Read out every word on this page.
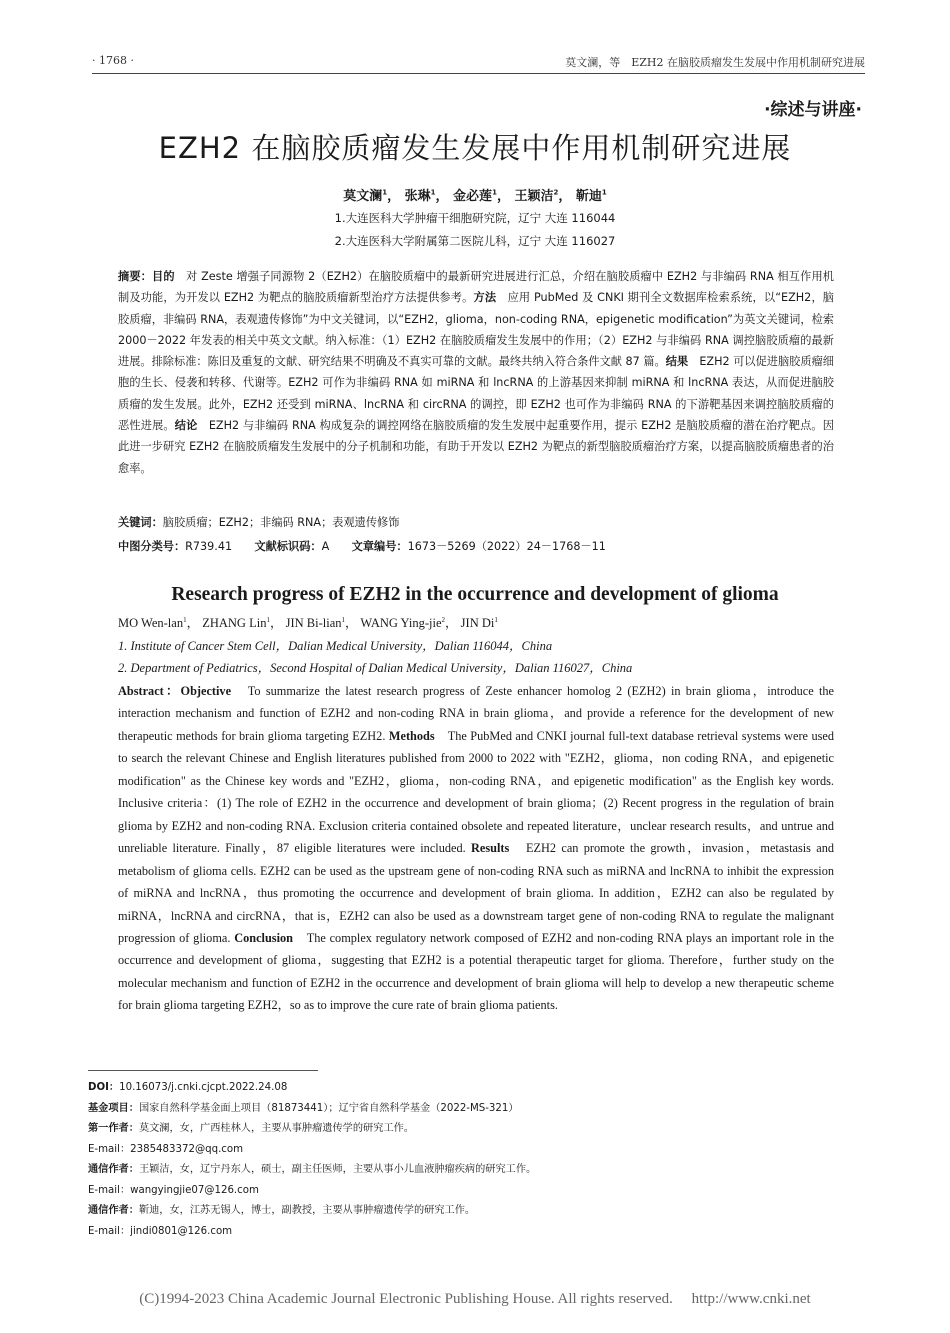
· 1768 ·	莫文澜，等　EZH2 在脑胶质瘤发生发展中作用机制研究进展
·综述与讲座·
EZH2 在脑胶质瘤发生发展中作用机制研究进展
莫文澜$^1$， 张琳$^1$， 金必莲$^1$， 王颖洁$^2$， 靳迪$^1$
1.大连医科大学肿瘤干细胞研究院，辽宁 大连 116044
2.大连医科大学附属第二医院儿科，辽宁 大连 116027
摘要：目的　 对 Zeste 增强子同源物 2（EZH2）在脑胶质瘤中的最新研究进展进行汇总，介绍在脑胶质瘤中 EZH2 与非编码 RNA 相互作用机制及功能，为开发以 EZH2 为靶点的脑胶质瘤新型治疗方法提供参考。方法　 应用 PubMed 及 CNKI 期刊全文数据库检索系统，以“EZH2，脑胶质瘤，非编码 RNA，表观遗传修饰”为中文关键词，以“EZH2，glioma，non-coding RNA，epigenetic modification”为英文关键词，检索 2000－2022 年发表的相关中英文文献。纳入标准：（1）EZH2 在脑胶质瘤发生发展中的作用；（2）EZH2 与非编码 RNA 调控脑胶质瘤的最新进展。排除标准：陈旧及重复的文献、研究结果不明确及不真实可靠的文献。最终共纳入符合条件文献 87 篇。结果　 EZH2 可以促进脑胶质瘤细胞的生长、侵袭和转移、代谢等。EZH2 可作为非编码 RNA 如 miRNA 和 lncRNA 的上游基因来抑制 miRNA 和 lncRNA 表达，从而促进脑胶质瘤的发生发展。此外，EZH2 还受到 miRNA、lncRNA 和 circRNA 的调控，即 EZH2 也可作为非编码 RNA 的下游靶基因来调控脑胶质瘤的恶性进展。结论　 EZH2 与非编码 RNA 构成复杂的调控网络在脑胶质瘤的发生发展中起重要作用，提示 EZH2 是脑胶质瘤的潜在治疗靶点。因此进一步研究 EZH2 在脑胶质瘤发生发展中的分子机制和功能，有助于开发以 EZH2 为靶点的新型脑胶质瘤治疗方案，以提高脑胶质瘤患者的治愈率。
关键词：脑胶质瘤；EZH2；非编码 RNA；表观遗传修饰
中图分类号：R739.41　　 文献标识码：A　　 文章编号：1673－5269（2022）24－1768－11
Research progress of EZH2 in the occurrence and development of glioma
MO Wen-lan$^1$， ZHANG Lin$^1$， JIN Bi-lian$^1$， WANG Ying-jie$^2$， JIN Di$^1$
1. Institute of Cancer Stem Cell，Dalian Medical University，Dalian 116044，China
2. Department of Pediatrics，Second Hospital of Dalian Medical University，Dalian 116027，China
Abstract：Objective　 To summarize the latest research progress of Zeste enhancer homolog 2 (EZH2) in brain glioma，introduce the interaction mechanism and function of EZH2 and non-coding RNA in brain glioma，and provide a reference for the development of new therapeutic methods for brain glioma targeting EZH2. Methods　 The PubMed and CNKI journal full-text database retrieval systems were used to search the relevant Chinese and English literatures published from 2000 to 2022 with "EZH2，glioma，non coding RNA，and epigenetic modification" as the Chinese key words and "EZH2，glioma，non-coding RNA，and epigenetic modification" as the English key words. Inclusive criteria：(1) The role of EZH2 in the occurrence and development of brain glioma；(2) Recent progress in the regulation of brain glioma by EZH2 and non-coding RNA. Exclusion criteria contained obsolete and repeated literature，unclear research results，and untrue and unreliable literature. Finally，87 eligible literatures were included. Results　 EZH2 can promote the growth，invasion，metastasis and metabolism of glioma cells. EZH2 can be used as the upstream gene of non-coding RNA such as miRNA and lncRNA to inhibit the expression of miRNA and lncRNA，thus promoting the occurrence and development of brain glioma. In addition，EZH2 can also be regulated by miRNA，lncRNA and circRNA，that is，EZH2 can also be used as a downstream target gene of non-coding RNA to regulate the malignant progression of glioma. Conclusion　 The complex regulatory network composed of EZH2 and non-coding RNA plays an important role in the occurrence and development of glioma，suggesting that EZH2 is a potential therapeutic target for glioma. Therefore，further study on the molecular mechanism and function of EZH2 in the occurrence and development of brain glioma will help to develop a new therapeutic scheme for brain glioma targeting EZH2，so as to improve the cure rate of brain glioma patients.
DOI：10.16073/j.cnki.cjcpt.2022.24.08
基金项目：国家自然科学基金面上项目（81873441）；辽宁省自然科学基金（2022-MS-321）
第一作者：莫文澜，女，广西桂林人，主要从事肿瘤遗传学的研究工作。
E-mail：2385483372@qq.com
通信作者：王颖洁，女，辽宁丹东人，硕士，副主任医师，主要从事小儿血液肿瘤疾病的研究工作。
E-mail：wangyingjie07@126.com
通信作者：靳迪，女，江苏无锡人，博士，副教授，主要从事肿瘤遗传学的研究工作。
E-mail：jindi0801@126.com
(C)1994-2023 China Academic Journal Electronic Publishing House. All rights reserved.　 http://www.cnki.net
